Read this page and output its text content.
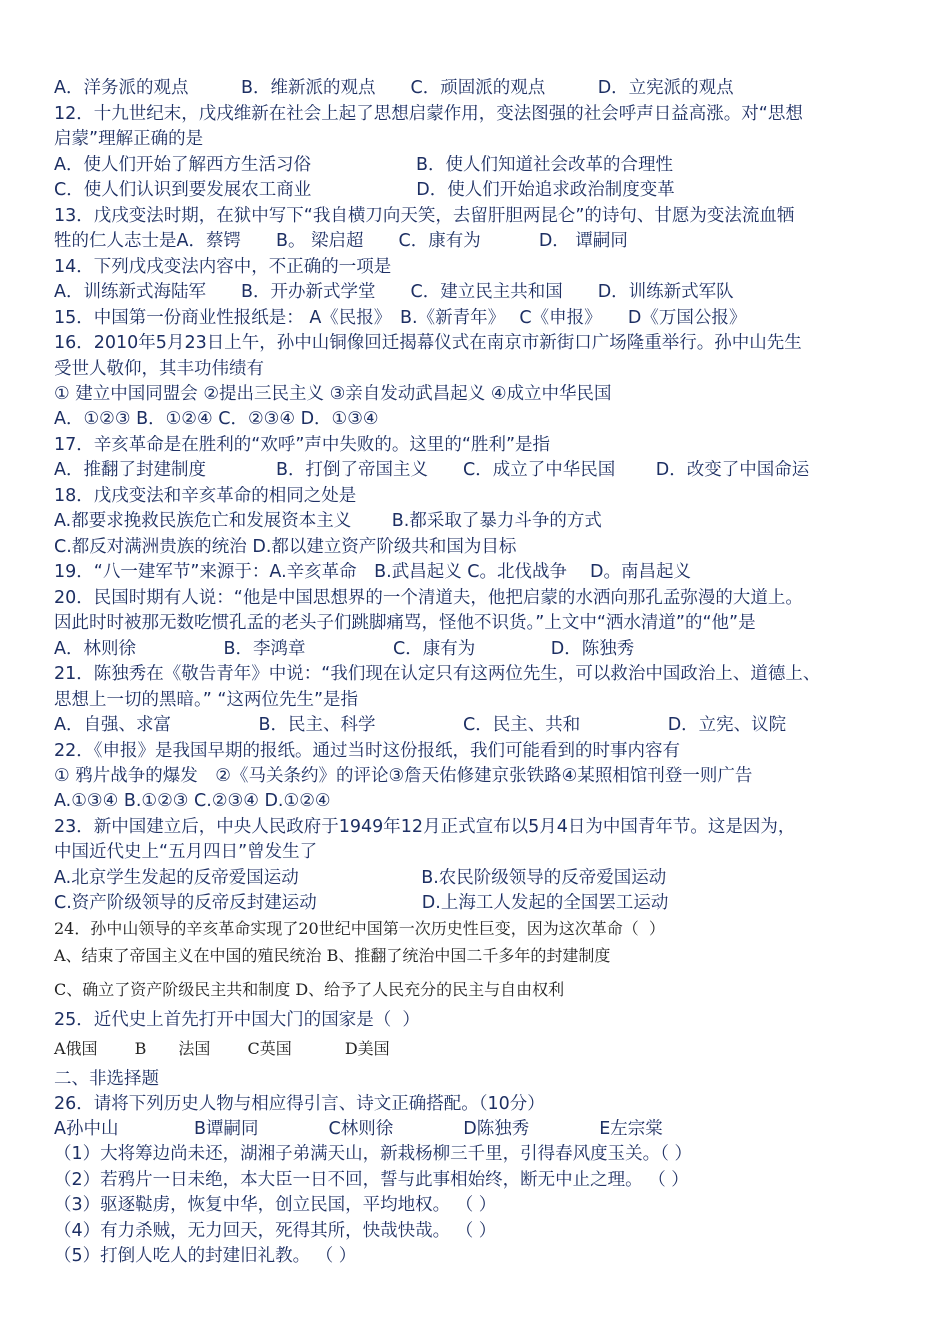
A．洋务派的观点　　　B．维新派的观点　　C．顽固派的观点　　　D．立宪派的观点
12．十九世纪末，戊戌维新在社会上起了思想启蒙作用，变法图强的社会呼声日益高涨。对“思想
启蒙”理解正确的是
A．使人们开始了解西方生活习俗　　　　　　B．使人们知道社会改革的合理性
C．使人们认识到要发展农工商业　　　　　　D．使人们开始追求政治制度变革
13．戊戌变法时期，在狱中写下“我自横刀向天笑，去留肝胆两昆仑”的诗句、甘愿为变法流血牺
牲的仁人志士是A．蔡锷　　B。 梁启超　　C．康有为　　　 D． 谭嗣同
14．下列戊戌变法内容中，不正确的一项是
A．训练新式海陆军　　B．开办新式学堂　　C．建立民主共和国　　D．训练新式军队
15．中国第一份商业性报纸是： A《民报》　B.《新青年》　 C《申报》　　D《万国公报》
16．2010年5月23日上午，孙中山铜像回迁揭幕仪式在南京市新街口广场隆重举行。孙中山先生
受世人敬仰，其丰功伟绩有
① 建立中国同盟会 ②提出三民主义 ③亲自发动武昌起义 ④成立中华民国
A．①②③ B．①②④ C．②③④ D．①③④
17．辛亥革命是在胜利的“欢呼”声中失败的。这里的“胜利”是指
A．推翻了封建制度　　　　B．打倒了帝国主义　　C．成立了中华民国　　 D．改变了中国命运
18．戊戌变法和辛亥革命的相同之处是
A.都要求挽救民族危亡和发展资本主义　　 B.都采取了暴力斗争的方式
C.都反对满洲贵族的统治 D.都以建立资产阶级共和国为目标
19．“八一建军节”来源于：A.辛亥革命　B.武昌起义 C。北伐战争　 D。南昌起义
20．民国时期有人说：“他是中国思想界的一个清道夫，他把启蒙的水洒向那孔孟弥漫的大道上。
因此时时被那无数吃惯孔孟的老头子们跳脚痛骂，怪他不识货。”上文中“洒水清道”的“他”是
A．林则徐　　　　　B．李鸿章　　　　　C．康有为　　　　 D．陈独秀
21．陈独秀在《敬告青年》中说：“我们现在认定只有这两位先生，可以救治中国政治上、道德上、
思想上一切的黑暗。” “这两位先生”是指
A．自强、求富　　　　　B．民主、科学　　　　　C．民主、共和　　　　　D．立宪、议院
22．《申报》是我国早期的报纸。通过当时这份报纸，我们可能看到的时事内容有
① 鸦片战争的爆发　②《马关条约》的评论③詹天佑修建京张铁路④某照相馆刊登一则广告
A.①③④ B.①②③ C.②③④ D.①②④
23．新中国建立后，中央人民政府于1949年12月正式宣布以5月4日为中国青年节。这是因为，
中国近代史上“五月四日”曾发生了
A.北京学生发起的反帝爱国运动　　　　　　　B.农民阶级领导的反帝爱国运动
C.资产阶级领导的反帝反封建运动　　　　　　D.上海工人发起的全国罢工运动
24．孙中山领导的辛亥革命实现了20世纪中国第一次历史性巨变，因为这次革命（  ）
A、结束了帝国主义在中国的殖民统治 B、推翻了统治中国二千多年的封建制度
C、确立了资产阶级民主共和制度 D、给予了人民充分的民主与自由权利
25．近代史上首先打开中国大门的国家是（  ）
A俄国　　 B　　法国　　 C英国　　　 D美国
二、非选择题
26．请将下列历史人物与相应得引言、诗文正确搭配。（10分）
A孙中山　　　　 B谭嗣同　　　　C林则徐　　　　D陈独秀　　　　E左宗棠
（1）大将筹边尚未还，湖湘子弟满天山，新栽杨柳三千里，引得春风度玉关。（ ）
（2）若鸦片一日未绝，本大臣一日不回，誓与此事相始终，断无中止之理。 （ ）
（3）驱逐鞑虏，恢复中华，创立民国，平均地权。 （ ）
（4）有力杀贼，无力回天，死得其所，快哉快哉。 （ ）
（5）打倒人吃人的封建旧礼教。 （ ）
